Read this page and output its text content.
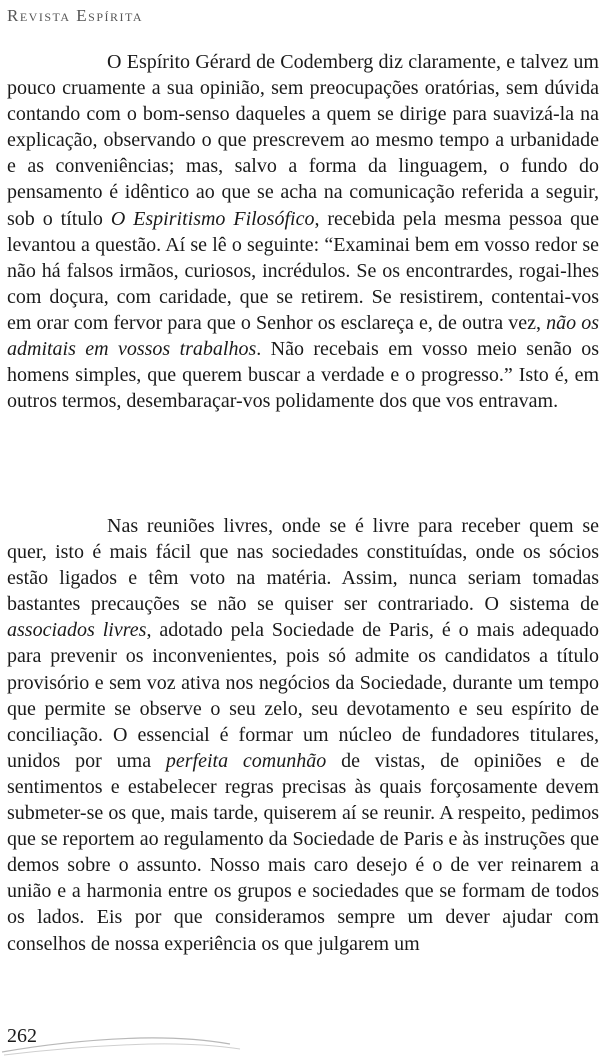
Revista Espírita

O Espírito Gérard de Codemberg diz claramente, e talvez um pouco cruamente a sua opinião, sem preocupações oratórias, sem dúvida contando com o bom-senso daqueles a quem se dirige para suavizá-la na explicação, observando o que prescrevem ao mesmo tempo a urbanidade e as conveniências; mas, salvo a forma da linguagem, o fundo do pensamento é idêntico ao que se acha na comunicação referida a seguir, sob o título O Espiritismo Filosófico, recebida pela mesma pessoa que levantou a questão. Aí se lê o seguinte: “Examinai bem em vosso redor se não há falsos irmãos, curiosos, incrédulos. Se os encontrardes, rogai-lhes com doçura, com caridade, que se retirem. Se resistirem, contentai-vos em orar com fervor para que o Senhor os esclareça e, de outra vez, não os admitais em vossos trabalhos. Não recebais em vosso meio senão os homens simples, que querem buscar a verdade e o progresso.” Isto é, em outros termos, desembaraçar-vos polidamente dos que vos entravam.

Nas reuniões livres, onde se é livre para receber quem se quer, isto é mais fácil que nas sociedades constituídas, onde os sócios estão ligados e têm voto na matéria. Assim, nunca seriam tomadas bastantes precauções se não se quiser ser contrariado. O sistema de associados livres, adotado pela Sociedade de Paris, é o mais adequado para prevenir os inconvenientes, pois só admite os candidatos a título provisório e sem voz ativa nos negócios da Sociedade, durante um tempo que permite se observe o seu zelo, seu devotamento e seu espírito de conciliação. O essencial é formar um núcleo de fundadores titulares, unidos por uma perfeita comunhão de vistas, de opiniões e de sentimentos e estabelecer regras precisas às quais forçosamente devem submeter-se os que, mais tarde, quiserem aí se reunir. A respeito, pedimos que se reportem ao regulamento da Sociedade de Paris e às instruções que demos sobre o assunto. Nosso mais caro desejo é o de ver reinarem a união e a harmonia entre os grupos e sociedades que se formam de todos os lados. Eis por que consideramos sempre um dever ajudar com conselhos de nossa experiência os que julgarem um

262
